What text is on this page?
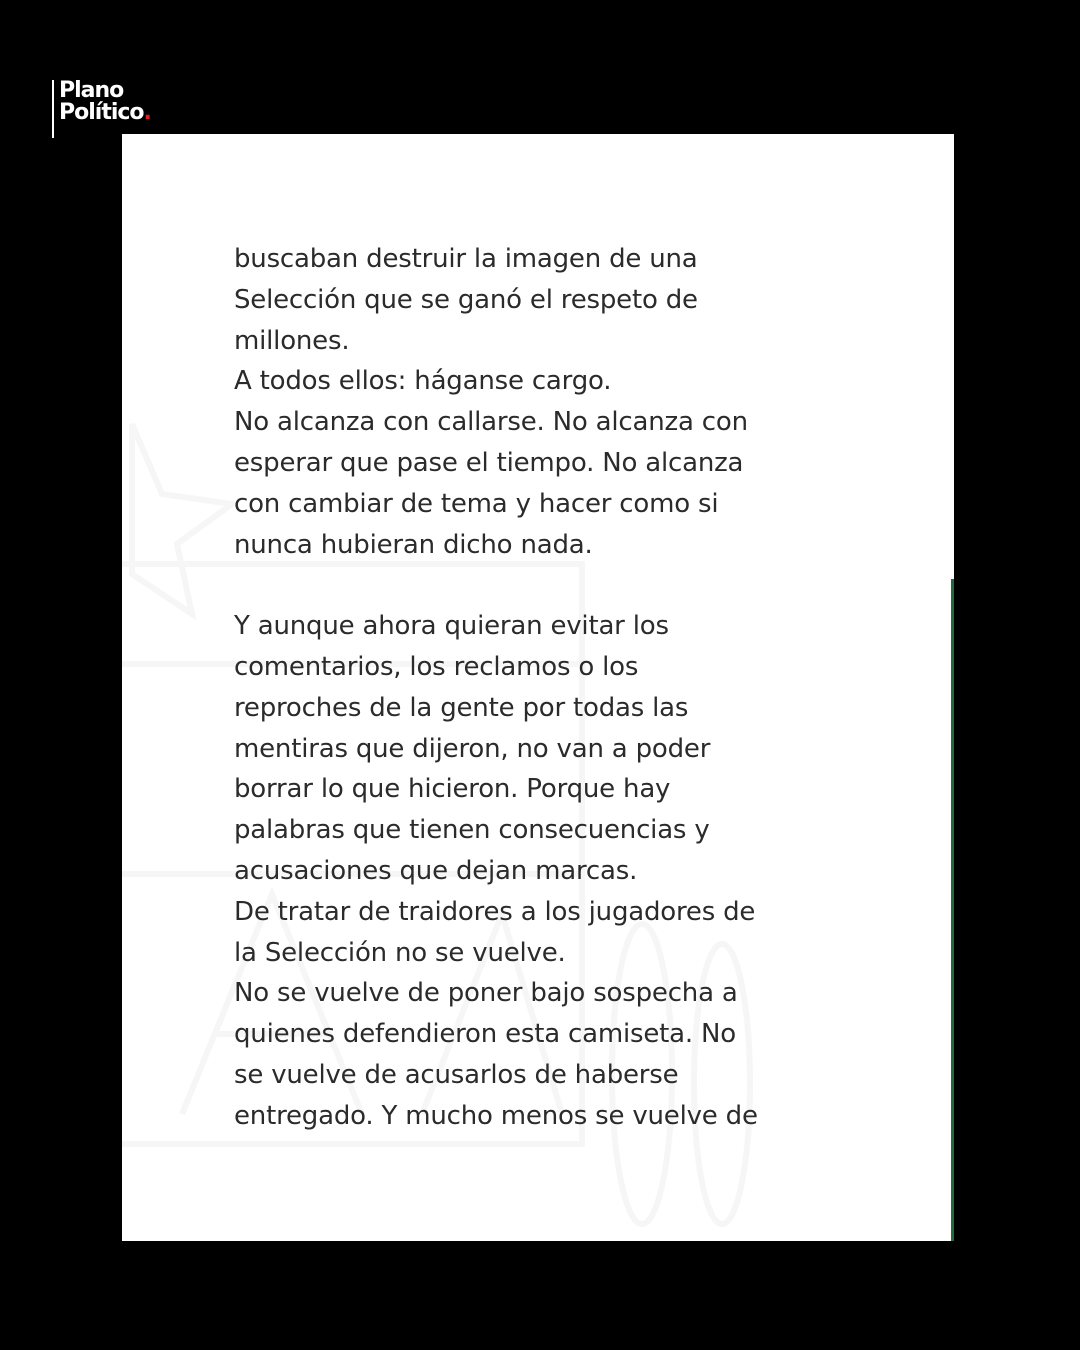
Plano
Político.
buscaban destruir la imagen de una
Selección que se ganó el respeto de
millones.
A todos ellos: háganse cargo.
No alcanza con callarse. No alcanza con
esperar que pase el tiempo. No alcanza
con cambiar de tema y hacer como si
nunca hubieran dicho nada.
Y aunque ahora quieran evitar los
comentarios, los reclamos o los
reproches de la gente por todas las
mentiras que dijeron, no van a poder
borrar lo que hicieron. Porque hay
palabras que tienen consecuencias y
acusaciones que dejan marcas.
De tratar de traidores a los jugadores de
la Selección no se vuelve.
No se vuelve de poner bajo sospecha a
quienes defendieron esta camiseta. No
se vuelve de acusarlos de haberse
entregado. Y mucho menos se vuelve de
